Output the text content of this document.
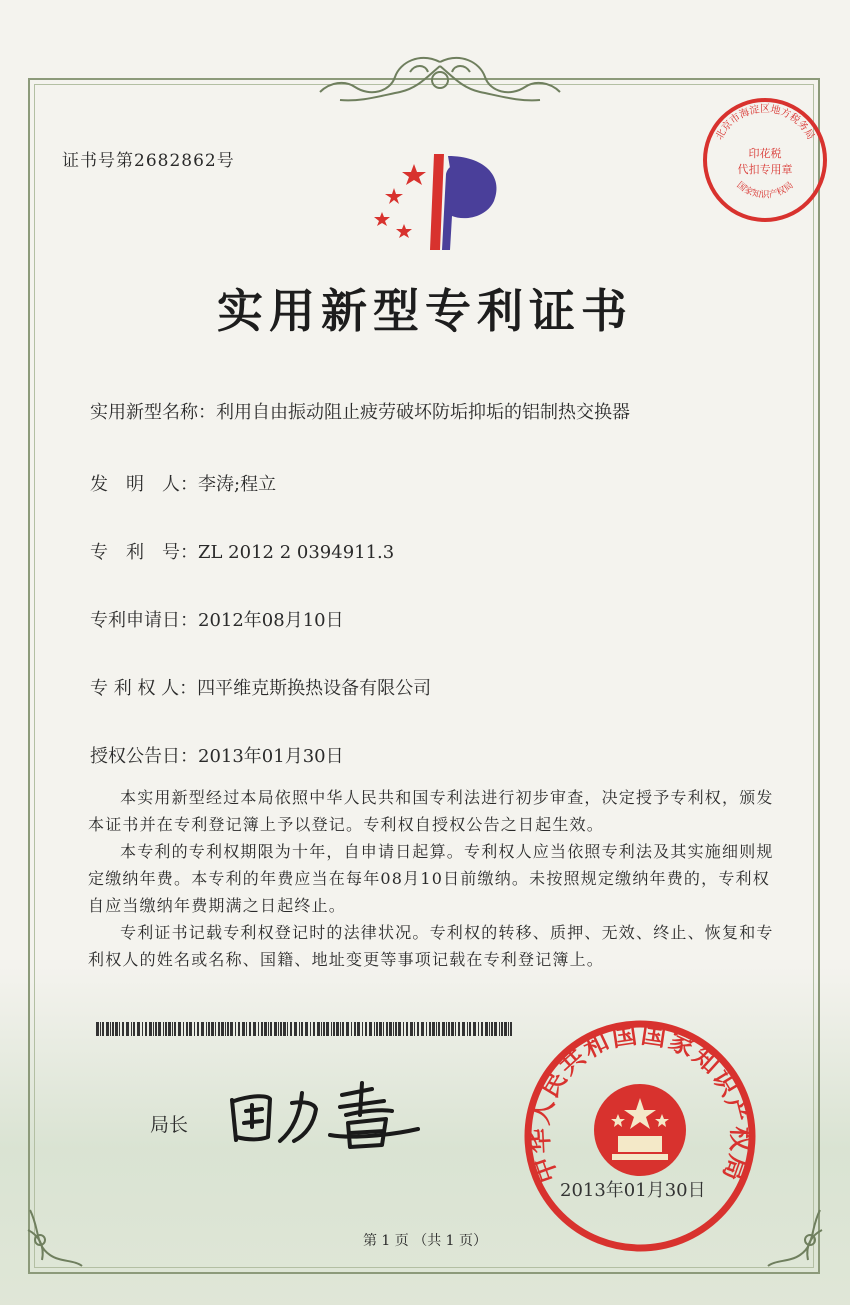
证书号第2682862号
北京市海淀区地方税务局
国家知识产权局
印花税
代扣专用章
实用新型专利证书
实用新型名称：利用自由振动阻止疲劳破坏防垢抑垢的铝制热交换器
发　明　人：李涛;程立
专　利　号：ZL 2012 2 0394911.3
专利申请日：2012年08月10日
专 利 权 人：四平维克斯换热设备有限公司
授权公告日：2013年01月30日
本实用新型经过本局依照中华人民共和国专利法进行初步审查，决定授予专利权，颁发本证书并在专利登记簿上予以登记。专利权自授权公告之日起生效。
本专利的专利权期限为十年，自申请日起算。专利权人应当依照专利法及其实施细则规定缴纳年费。本专利的年费应当在每年08月10日前缴纳。未按照规定缴纳年费的，专利权自应当缴纳年费期满之日起终止。
专利证书记载专利权登记时的法律状况。专利权的转移、质押、无效、终止、恢复和专利权人的姓名或名称、国籍、地址变更等事项记载在专利登记簿上。
局长
中华人民共和国国家知识产权局
2013年01月30日
第 1 页 （共 1 页）
